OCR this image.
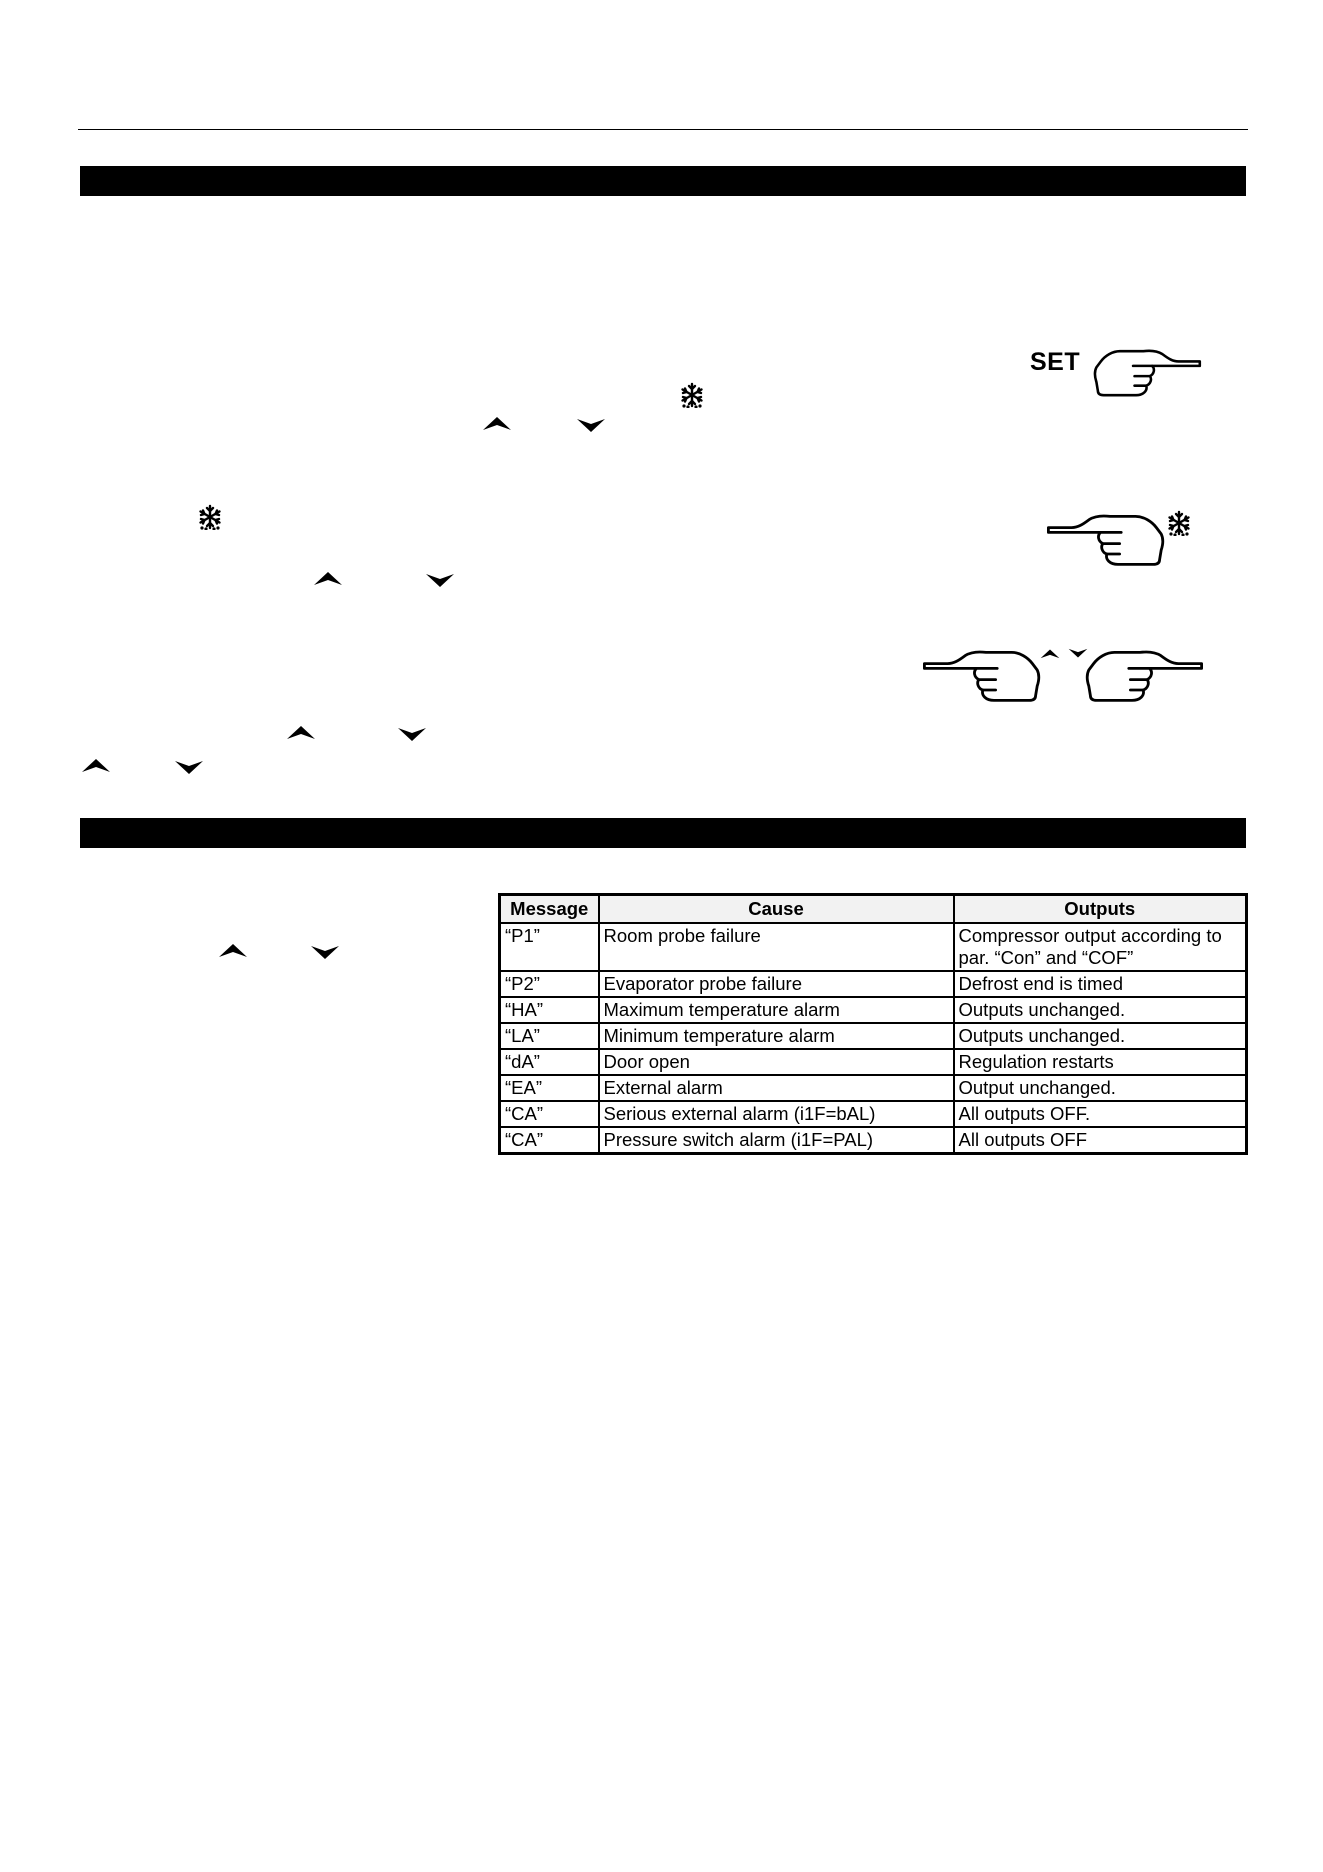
SET
Message	Cause	Outputs
“P1”	Room probe failure	Compressor output according to par. “Con” and “COF”
“P2”	Evaporator probe failure	Defrost end is timed
“HA”	Maximum temperature alarm	Outputs unchanged.
“LA”	Minimum temperature alarm	Outputs unchanged.
“dA”	Door open	Regulation restarts
“EA”	External alarm	Output unchanged.
“CA”	Serious external alarm (i1F=bAL)	All outputs OFF.
“CA”	Pressure switch alarm (i1F=PAL)	All outputs OFF
